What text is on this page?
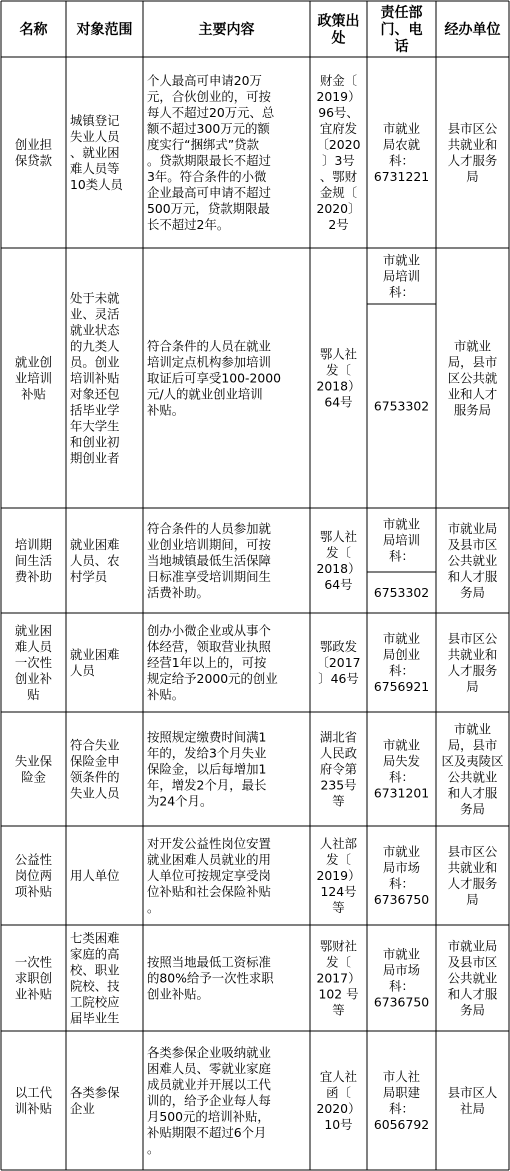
名称 对象范围	主要内容
政策出
处
责任部
门、电
话
经办单位
创业担
保贷款
城镇登记
失业人员
、就业困
难人员等
10类人员
个人最高可申请20万
元，合伙创业的，可按
每人不超过20万元、总
额不超过300万元的额
度实行“捆绑式”贷款
。贷款期限最长不超过
3年。符合条件的小微
企业最高可申请不超过
500万元，贷款期限最
长不超过2年。
财金〔
2019）
96号、
宜府发
〔2020
〕3号
、鄂财
金规〔
2020〕
2号
市就业
局农就
科：
6731221
县市区公
共就业和
人才服务
局
就业创
业培训
补贴
处于未就
业、灵活
就业状态
的九类人
员。创业
培训补贴
对象还包
括毕业学
年大学生
和创业初
期创业者
符合条件的人员在就业
培训定点机构参加培训
取证后可享受100-2000
元/人的就业创业培训
补贴。
鄂人社
发〔
2018）
64号
市就业
局培训
科：
6753302
市就业
局，县市
区公共就
业和人才
服务局
培训期
间生活
费补助
就业困难
人员、农
村学员
符合条件的人员参加就
业创业培训期间，可按
当地城镇最低生活保障
日标准享受培训期间生
活费补助。
鄂人社
发〔
2018）
64号
市就业
局培训
科：
6753302
市就业局
及县市区
公共就业
和人才服
务局
就业困
难人员
一次性
创业补
贴
就业困难
人员
创办小微企业或从事个
体经营，领取营业执照
经营1年以上的，可按
规定给予2000元的创业
补贴。
鄂政发
〔2017
〕46号
市就业
局创业
科：
6756921
县市区公
共就业和
人才服务
局
失业保
险金
符合失业
保险金申
领条件的
失业人员
按照规定缴费时间满1
年的，发给3个月失业
保险金，以后每增加1
年，增发2个月，最长
为24个月。
湖北省
人民政
府令第
235号
等
市就业
局失发
科：
6731201
市就业
局，县市
区及夷陵区
公共就业
和人才服
务局
公益性
岗位两
项补贴
用人单位
对开发公益性岗位安置
就业困难人员就业的用
人单位可按规定享受岗
位补贴和社会保险补贴
。
人社部
发〔
2019）
124号
等
市就业
局市场
科：
6736750
县市区公
共就业和
人才服务
局
一次性
求职创
业补贴
七类困难
家庭的高
校、职业
院校、技
工院校应
届毕业生
按照当地最低工资标准
的80%给予一次性求职
创业补贴。
鄂财社
发〔
2017）
102 号
等
市就业
局市场
科：
6736750
市就业局
及县市区
公共就业
和人才服
务局
以工代
训补贴
各类参保
企业
各类参保企业吸纳就业
困难人员、零就业家庭
成员就业并开展以工代
训的，给予企业每人每
月500元的培训补贴，
补贴期限不超过6个月
。
宜人社
函〔
2020）
10号
市人社
局职建
科：
6056792
县市区人
社局
